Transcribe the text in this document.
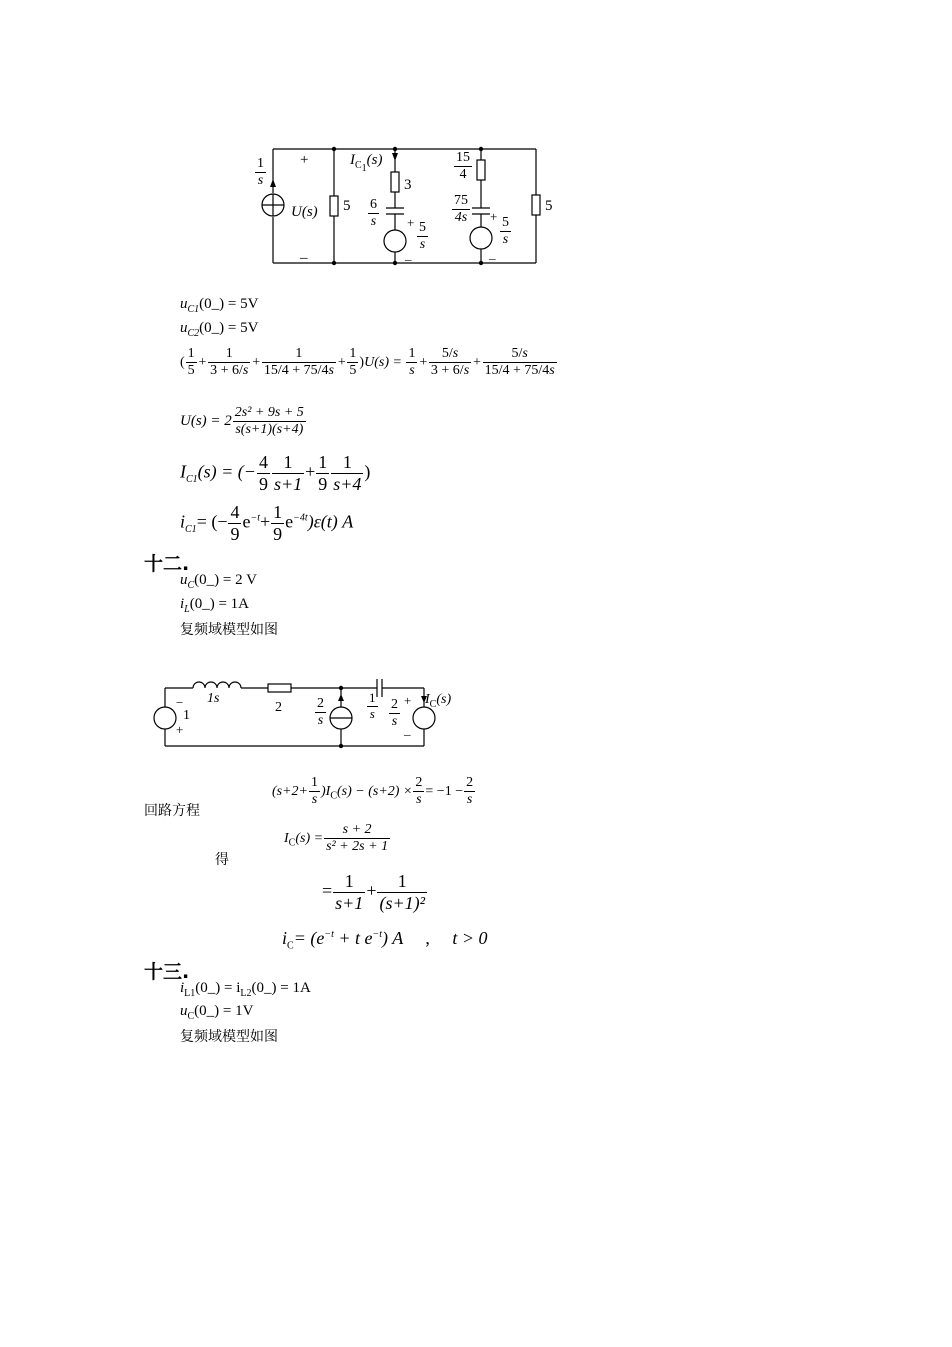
$\frac{1}{s}$ +
_
U(s) 5
$I_{C_1}(s)$
3
$\frac{6}{s} + \frac{5}{s}$
_
$\frac{15}{4}$
$\frac{75}{4s} + \frac{5}{s}$
_
5
$u_{C1}(0\_) = 5V$
$u_{C2}(0\_) = 5V$
( $\frac{1}{5} + \frac{1}{3 + 6/s} + \frac{1}{15/4 + 75/4s} + \frac{1}{5} )U(s) = \frac{1}{s} + \frac{5/s}{3 + 6/s} + \frac{5/s}{15/4 + 75/4s}$
$U(s) = 2 \frac{\text{2s² + 9s + 5}}{s(s+1)(s+4)}$
$I_{C1}(s)$ = (− $\frac{4}{9} \frac{1}{s+1} + \frac{1}{9} \frac{1}{s+4}$ )
$i_{C1}=$ (− $\frac{4}{9} e^{-t}+ \frac{1}{9} e^{-4t})\varepsilon(t)$ A
十二.
$u_C(0\_) = 2$ V
$i_L(0\_) = 1A$
复频域模型如图
−
+
1
1s
$2 \frac{2}{s}$	$\frac{1}{s} \frac{2}{s}$ +
_
$I_C(s)$
回路方程
$(s+2+ \frac{1}{s} )I_C(s) - (s+2) \times \frac{2}{s} = -1 - \frac{2}{s}$
得
$I_C(s) = \frac{s + 2}{\text{s² + 2s + 1}}$
= $\frac{1}{s+1} + \frac{1}{\text{(s+1)²}}$
$i_C= (e^{-t} + t$ $e^{-t}$) A , t > 0
十三.
$i_{L1}(0\_)$ = $i_{L2}(0\_) = 1A$
$u_C(0\_) = 1V$
复频域模型如图
